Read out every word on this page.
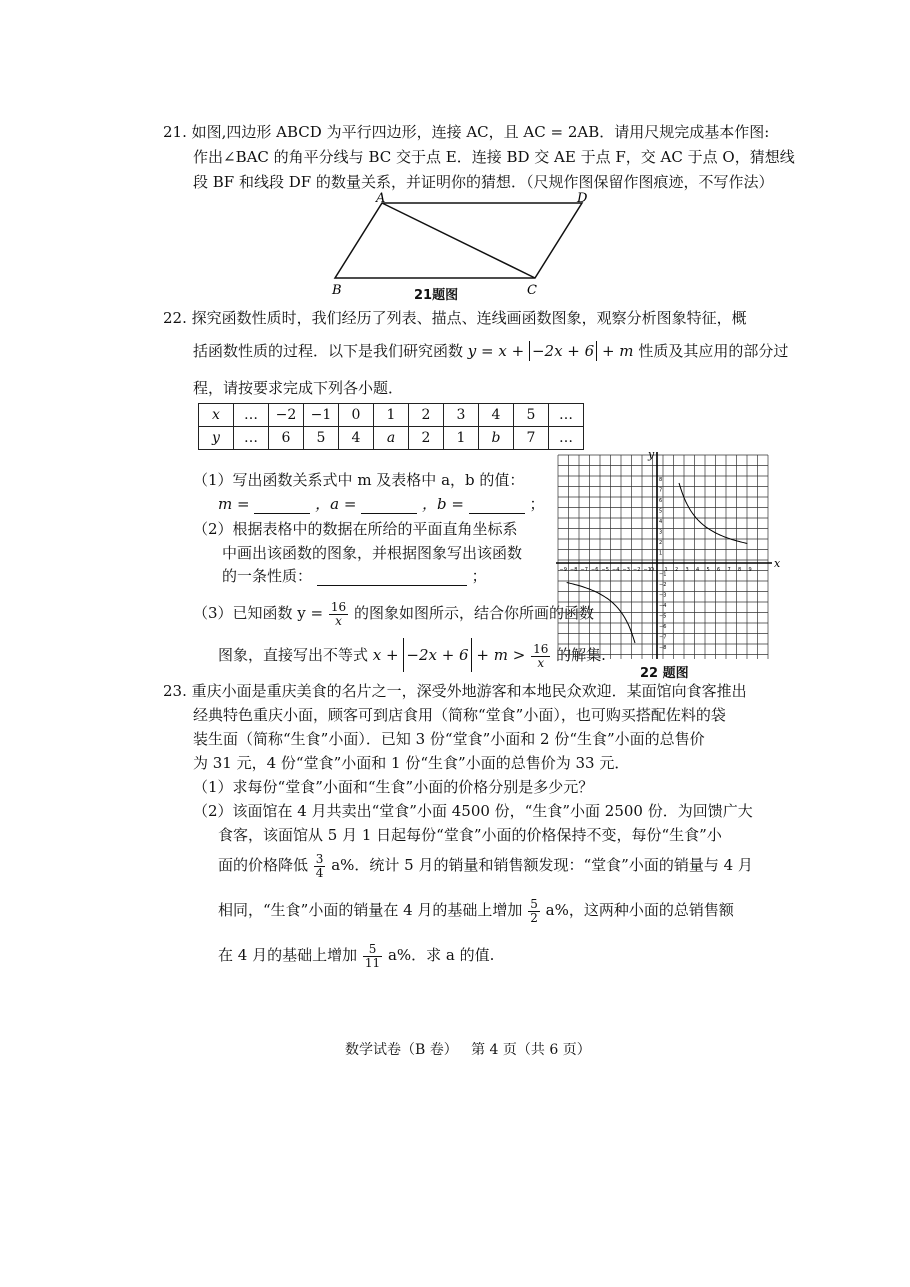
21. 如图,四边形 ABCD 为平行四边形，连接 AC，且 AC = 2AB．请用尺规完成基本作图:
作出∠BAC 的角平分线与 BC 交于点 E．连接 BD 交 AE 于点 F，交 AC 于点 O，猜想线
段 BF 和线段 DF 的数量关系，并证明你的猜想．（尺规作图保留作图痕迹，不写作法）
A	D
B	C
21题图
22. 探究函数性质时，我们经历了列表、描点、连线画函数图象，观察分析图象特征，概
括函数性质的过程．以下是我们研究函数 y = x + −2x + 6 + m 性质及其应用的部分过
程，请按要求完成下列各小题．
x	…	−2	−1	0	1	2	3	4	5	…
y	…	6	5	4	a	2	1	b	7	…
（1）写出函数关系式中 m 及表格中 a，b 的值：
m =	，a =	，b =	；
（2）根据表格中的数据在所给的平面直角坐标系
中画出该函数的图象，并根据图象写出该函数
的一条性质：	；
（3）已知函数 $y = \frac{16}{x}$ 的图象如图所示，结合你所画的函数
图象，直接写出不等式 $x + -2x + 6 + m > \frac{16}{x}$ 的解集.
x
y
O
−9 −8 −7 −6 −5 −4 −3 −2 −1	1 2 3 4 5 6 7 8 9
8
7
6
5
4
3
2
1
−1
−2
−3
−4
−5
−6
−7
−8
22 题图
23. 重庆小面是重庆美食的名片之一，深受外地游客和本地民众欢迎．某面馆向食客推出
经典特色重庆小面，顾客可到店食用（简称“堂食”小面），也可购买搭配佐料的袋
装生面（简称“生食”小面）．已知 3 份“堂食”小面和 2 份“生食”小面的总售价
为 31 元，4 份“堂食”小面和 1 份“生食”小面的总售价为 33 元．
（1）求每份“堂食”小面和“生食”小面的价格分别是多少元？
（2）该面馆在 4 月共卖出“堂食”小面 4500 份，“生食”小面 2500 份．为回馈广大
食客，该面馆从 5 月 1 日起每份“堂食”小面的价格保持不变，每份“生食”小
面的价格降低 $\frac{3}{4} a\%$．统计 5 月的销量和销售额发现：“堂食”小面的销量与 4 月
相同，“生食”小面的销量在 4 月的基础上增加 $\frac{5}{2} a\%$，这两种小面的总销售额
在 4 月的基础上增加 $\frac{5}{11} a\%$．求 a 的值.
数学试卷（B 卷）   第 4 页（共 6 页）
